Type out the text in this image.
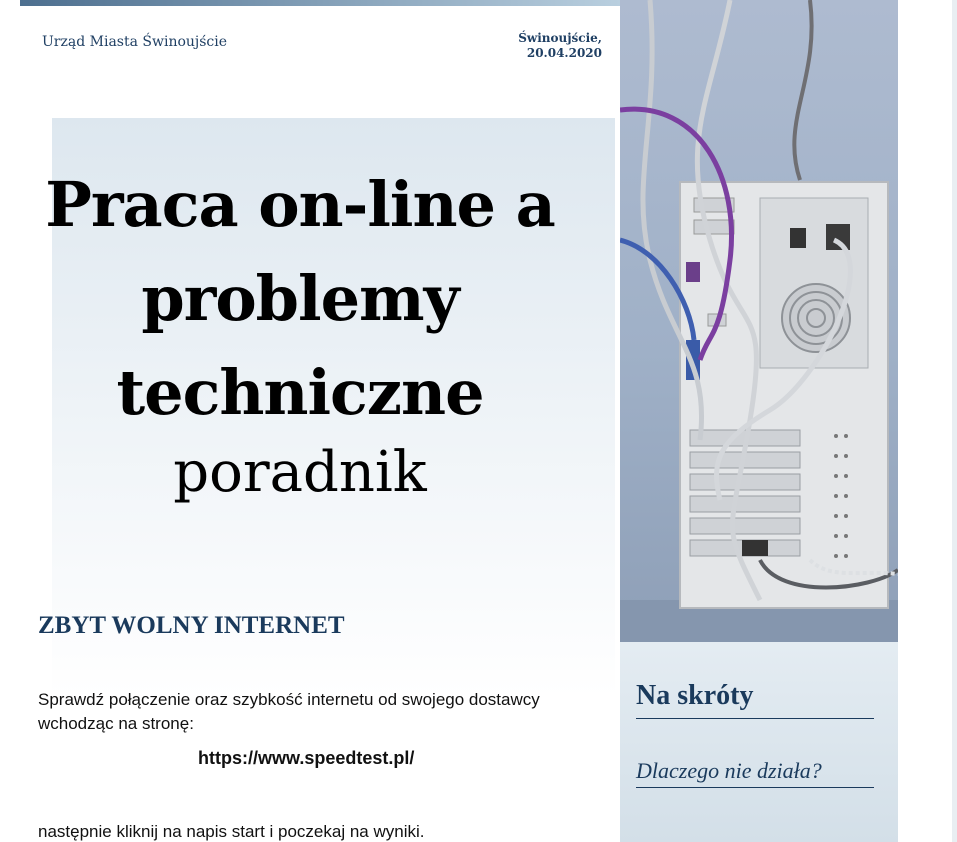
Urząd Miasta Świnoujście	Świnoujście,
20.04.2020
Praca on-line a
problemy
techniczne
poradnik
ZBYT WOLNY INTERNET
Sprawdź połączenie oraz szybkość internetu od swojego dostawcy
wchodząc na stronę:
https://www.speedtest.pl/
następnie kliknij na napis start i poczekaj na wyniki.
Na skróty
Dlaczego nie działa?
